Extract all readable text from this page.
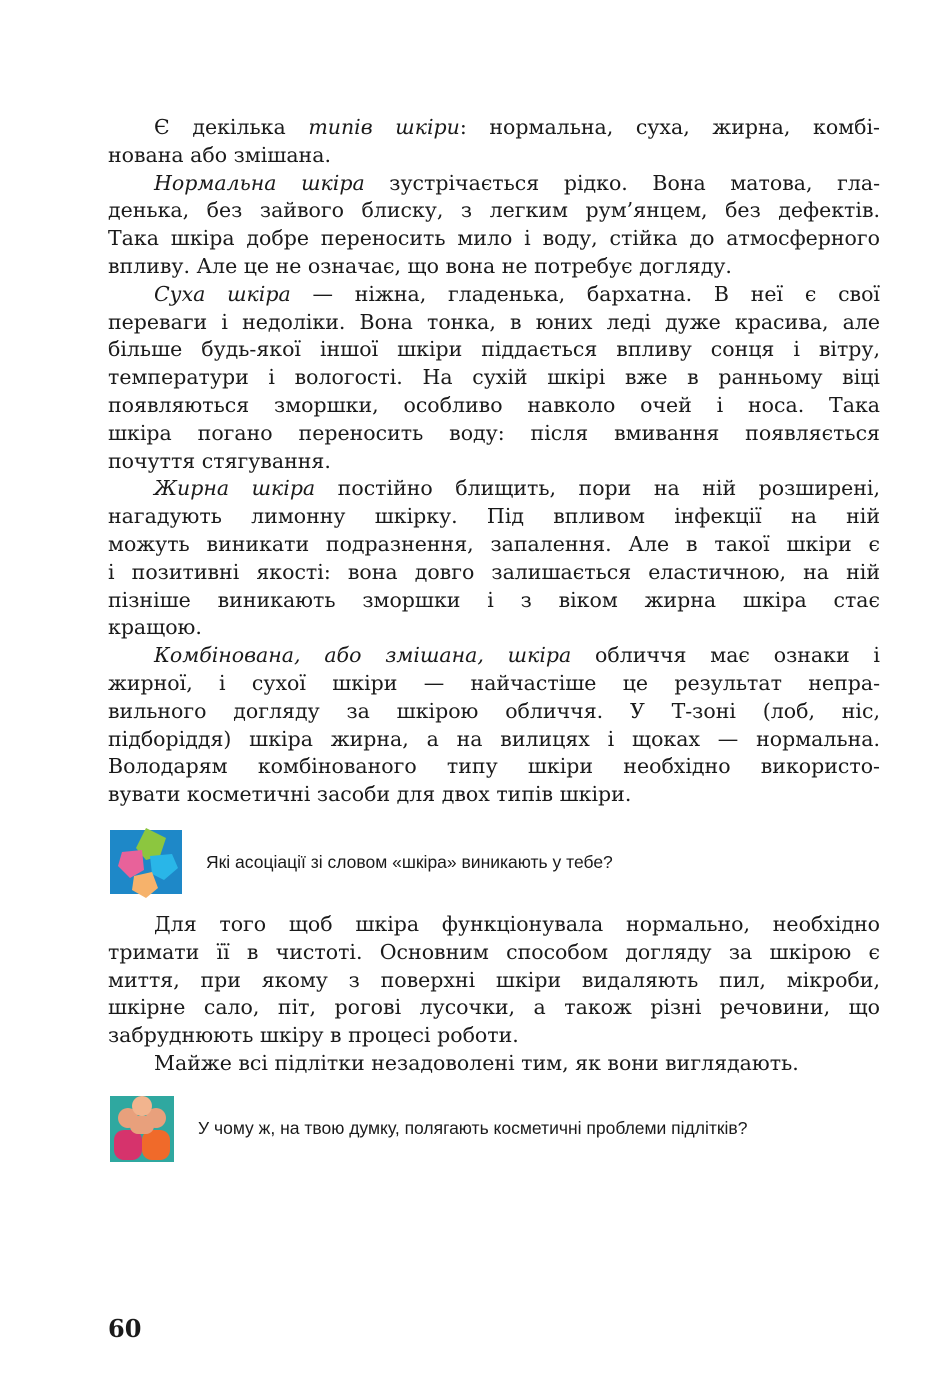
Є декілька типів шкіри: нормальна, суха, жирна, комбі-
нована або змішана.
Нормальна шкіра зустрічається рідко. Вона матова, гла-
денька, без зайвого блиску, з легким рум’янцем, без дефектів.
Така шкіра добре переносить мило і воду, стійка до атмосферного
впливу. Але це не означає, що вона не потребує догляду.
Суха шкіра — ніжна, гладенька, бархатна. В неї є свої
переваги і недоліки. Вона тонка, в юних леді дуже красива, але
більше будь-якої іншої шкіри піддається впливу сонця і вітру,
температури і вологості. На сухій шкірі вже в ранньому віці
появляються зморшки, особливо навколо очей і носа. Така
шкіра погано переносить воду: після вмивання появляється
почуття стягування.
Жирна шкіра постійно блищить, пори на ній розширені,
нагадують лимонну шкірку. Під впливом інфекції на ній
можуть виникати подразнення, запалення. Але в такої шкіри є
і позитивні якості: вона довго залишається еластичною, на ній
пізніше виникають зморшки і з віком жирна шкіра стає
кращою.
Комбінована, або змішана, шкіра обличчя має ознаки і
жирної, і сухої шкіри — найчастіше це результат непра-
вильного догляду за шкірою обличчя. У Т-зоні (лоб, ніс,
підборіддя) шкіра жирна, а на вилицях і щоках — нормальна.
Володарям комбінованого типу шкіри необхідно використо-
вувати косметичні засоби для двох типів шкіри.
Які асоціації зі словом «шкіра» виникають у тебе?
Для того щоб шкіра функціонувала нормально, необхідно
тримати її в чистоті. Основним способом догляду за шкірою є
миття, при якому з поверхні шкіри видаляють пил, мікроби,
шкірне сало, піт, рогові лусочки, а також різні речовини, що
забруднюють шкіру в процесі роботи.
Майже всі підлітки незадоволені тим, як вони виглядають.
У чому ж, на твою думку, полягають косметичні проблеми підлітків?
60
